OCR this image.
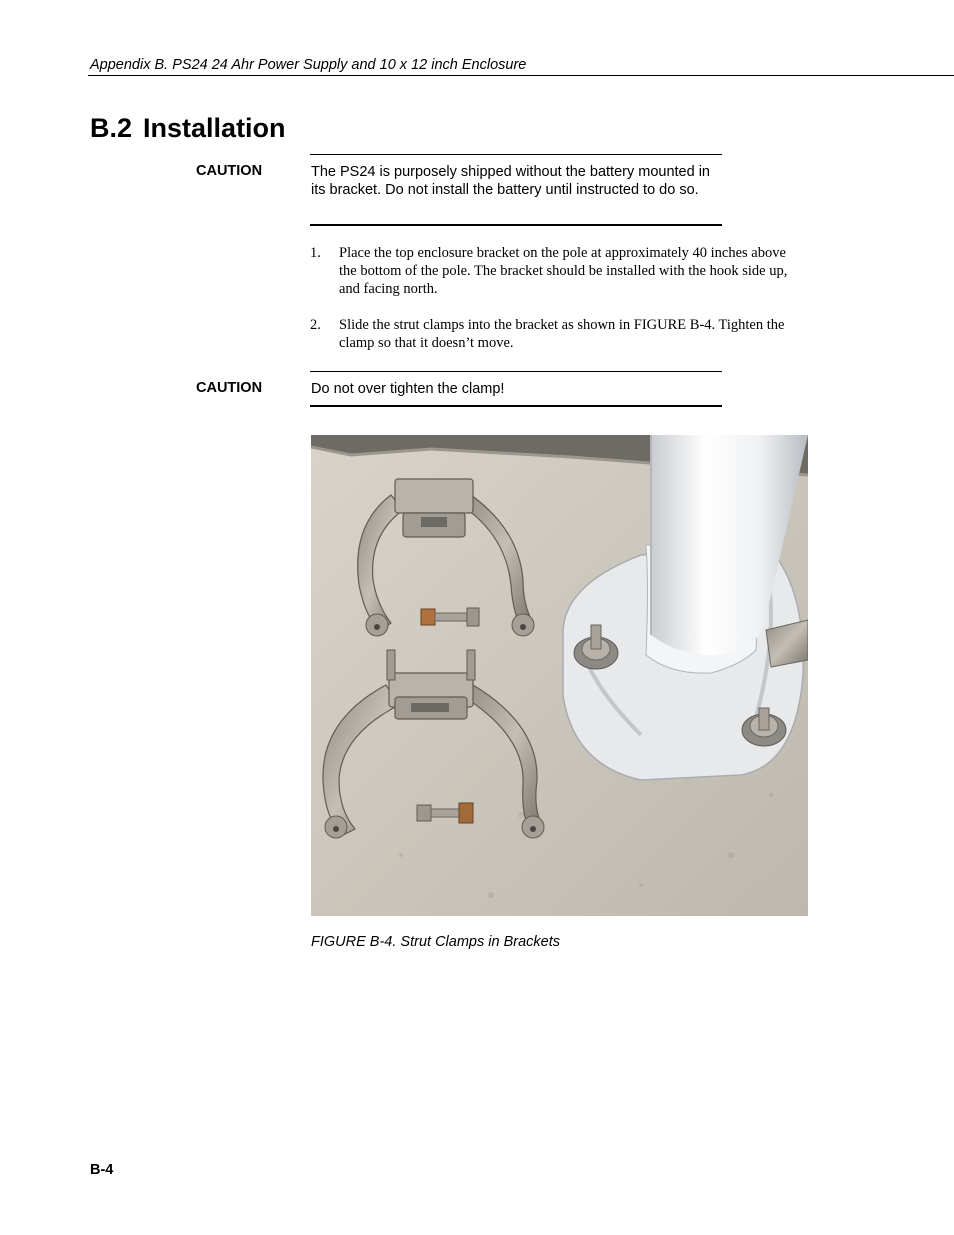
Appendix B. PS24 24 Ahr Power Supply and 10 x 12 inch Enclosure
B.2 Installation
CAUTION	The PS24 is purposely shipped without the battery mounted in its bracket. Do not install the battery until instructed to do so.
1. Place the top enclosure bracket on the pole at approximately 40 inches above the bottom of the pole. The bracket should be installed with the hook side up, and facing north.
2. Slide the strut clamps into the bracket as shown in FIGURE B-4. Tighten the clamp so that it doesn’t move.
CAUTION	Do not over tighten the clamp!
FIGURE B-4. Strut Clamps in Brackets
B-4
